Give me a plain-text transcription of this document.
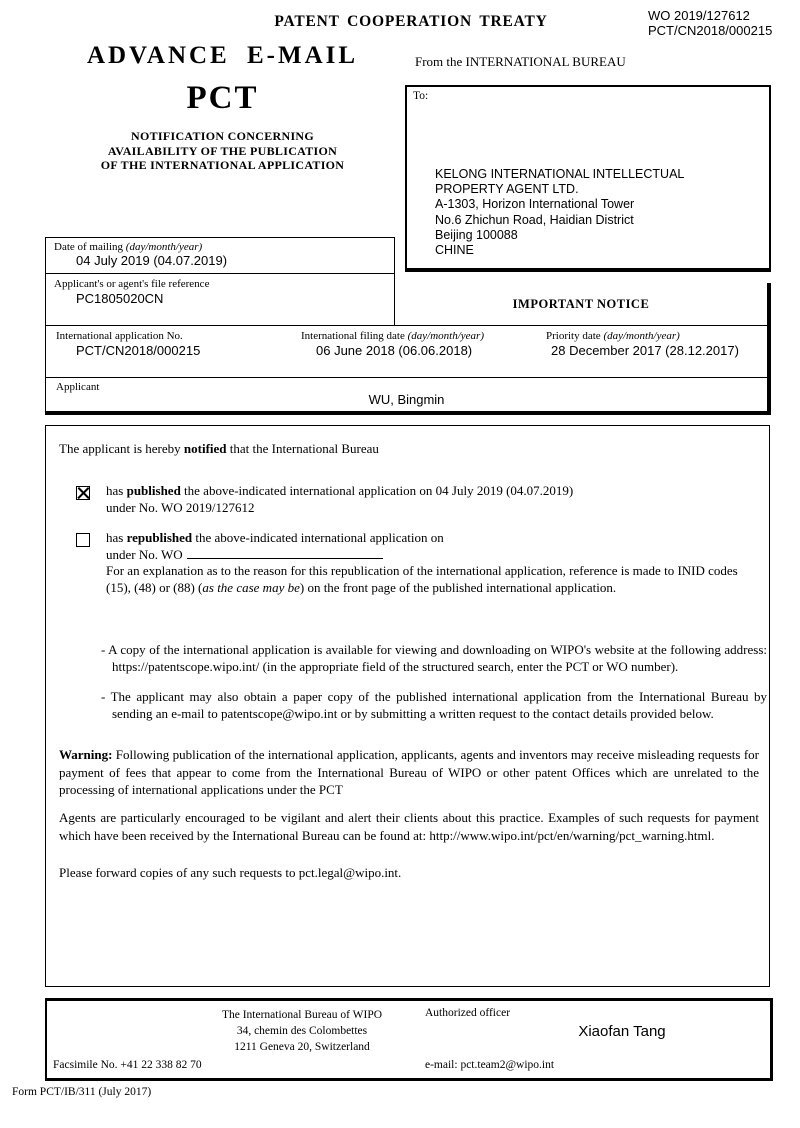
PATENT COOPERATION TREATY	WO 2019/127612
PCT/CN2018/000215
ADVANCE E-MAIL	From the INTERNATIONAL BUREAU
PCT
NOTIFICATION CONCERNING
AVAILABILITY OF THE PUBLICATION
OF THE INTERNATIONAL APPLICATION
To:
KELONG INTERNATIONAL INTELLECTUAL
PROPERTY AGENT LTD.
A-1303, Horizon International Tower
No.6 Zhichun Road, Haidian District
Beijing 100088
CHINE
Date of mailing (day/month/year)
04 July 2019 (04.07.2019)
Applicant's or agent's file reference
PC1805020CN	IMPORTANT NOTICE
International application No.
PCT/CN2018/000215
International filing date (day/month/year)
06 June 2018 (06.06.2018)
Priority date (day/month/year)
28 December 2017 (28.12.2017)
Applicant
WU, Bingmin
The applicant is hereby notified that the International Bureau
has published the above-indicated international application on 04 July 2019 (04.07.2019)
under No. WO 2019/127612
has republished the above-indicated international application on
under No. WO
For an explanation as to the reason for this republication of the international application, reference is made to INID codes
(15), (48) or (88) (as the case may be) on the front page of the published international application.
- A copy of the international application is available for viewing and downloading on WIPO's website at the following address: https://patentscope.wipo.int/ (in the appropriate field of the structured search, enter the PCT or WO number).
- The applicant may also obtain a paper copy of the published international application from the International Bureau by sending an e-mail to patentscope@wipo.int or by submitting a written request to the contact details provided below.
Warning: Following publication of the international application, applicants, agents and inventors may receive misleading requests for payment of fees that appear to come from the International Bureau of WIPO or other patent Offices which are unrelated to the processing of international applications under the PCT
Agents are particularly encouraged to be vigilant and alert their clients about this practice. Examples of such requests for payment which have been received by the International Bureau can be found at: http://www.wipo.int/pct/en/warning/pct_warning.html.
Please forward copies of any such requests to pct.legal@wipo.int.
The International Bureau of WIPO
34, chemin des Colombettes
1211 Geneva 20, Switzerland
Authorized officer
Xiaofan Tang
Facsimile No. +41 22 338 82 70	e-mail: pct.team2@wipo.int
Form PCT/IB/311 (July 2017)
